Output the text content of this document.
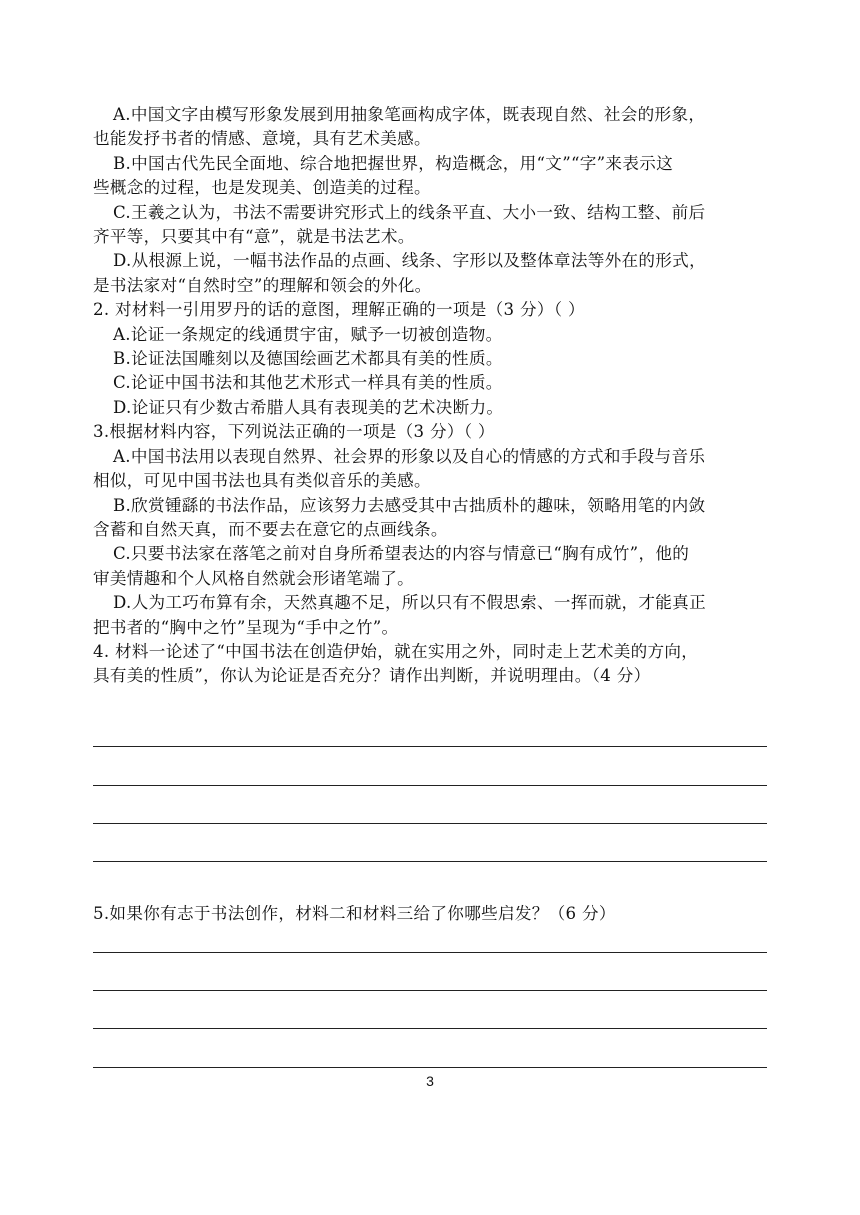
A.中国文字由模写形象发展到用抽象笔画构成字体，既表现自然、社会的形象，
也能发抒书者的情感、意境，具有艺术美感。
B.中国古代先民全面地、综合地把握世界，构造概念，用“文”“字”来表示这
些概念的过程，也是发现美、创造美的过程。
C.王羲之认为，书法不需要讲究形式上的线条平直、大小一致、结构工整、前后
齐平等，只要其中有“意”，就是书法艺术。
D.从根源上说，一幅书法作品的点画、线条、字形以及整体章法等外在的形式，
是书法家对“自然时空”的理解和领会的外化。
2. 对材料一引用罗丹的话的意图，理解正确的一项是（3 分）（ ）
A.论证一条规定的线通贯宇宙，赋予一切被创造物。
B.论证法国雕刻以及德国绘画艺术都具有美的性质。
C.论证中国书法和其他艺术形式一样具有美的性质。
D.论证只有少数古希腊人具有表现美的艺术决断力。
3.根据材料内容，下列说法正确的一项是（3 分）（ ）
A.中国书法用以表现自然界、社会界的形象以及自心的情感的方式和手段与音乐
相似，可见中国书法也具有类似音乐的美感。
B.欣赏锺繇的书法作品，应该努力去感受其中古拙质朴的趣味，领略用笔的内敛
含蓄和自然天真，而不要去在意它的点画线条。
C.只要书法家在落笔之前对自身所希望表达的内容与情意已“胸有成竹”，他的
审美情趣和个人风格自然就会形诸笔端了。
D.人为工巧布算有余，天然真趣不足，所以只有不假思索、一挥而就，才能真正
把书者的“胸中之竹”呈现为“手中之竹”。
4. 材料一论述了“中国书法在创造伊始，就在实用之外，同时走上艺术美的方向，
具有美的性质”，你认为论证是否充分？请作出判断，并说明理由。（4 分）
5.如果你有志于书法创作，材料二和材料三给了你哪些启发？（6 分）
3
